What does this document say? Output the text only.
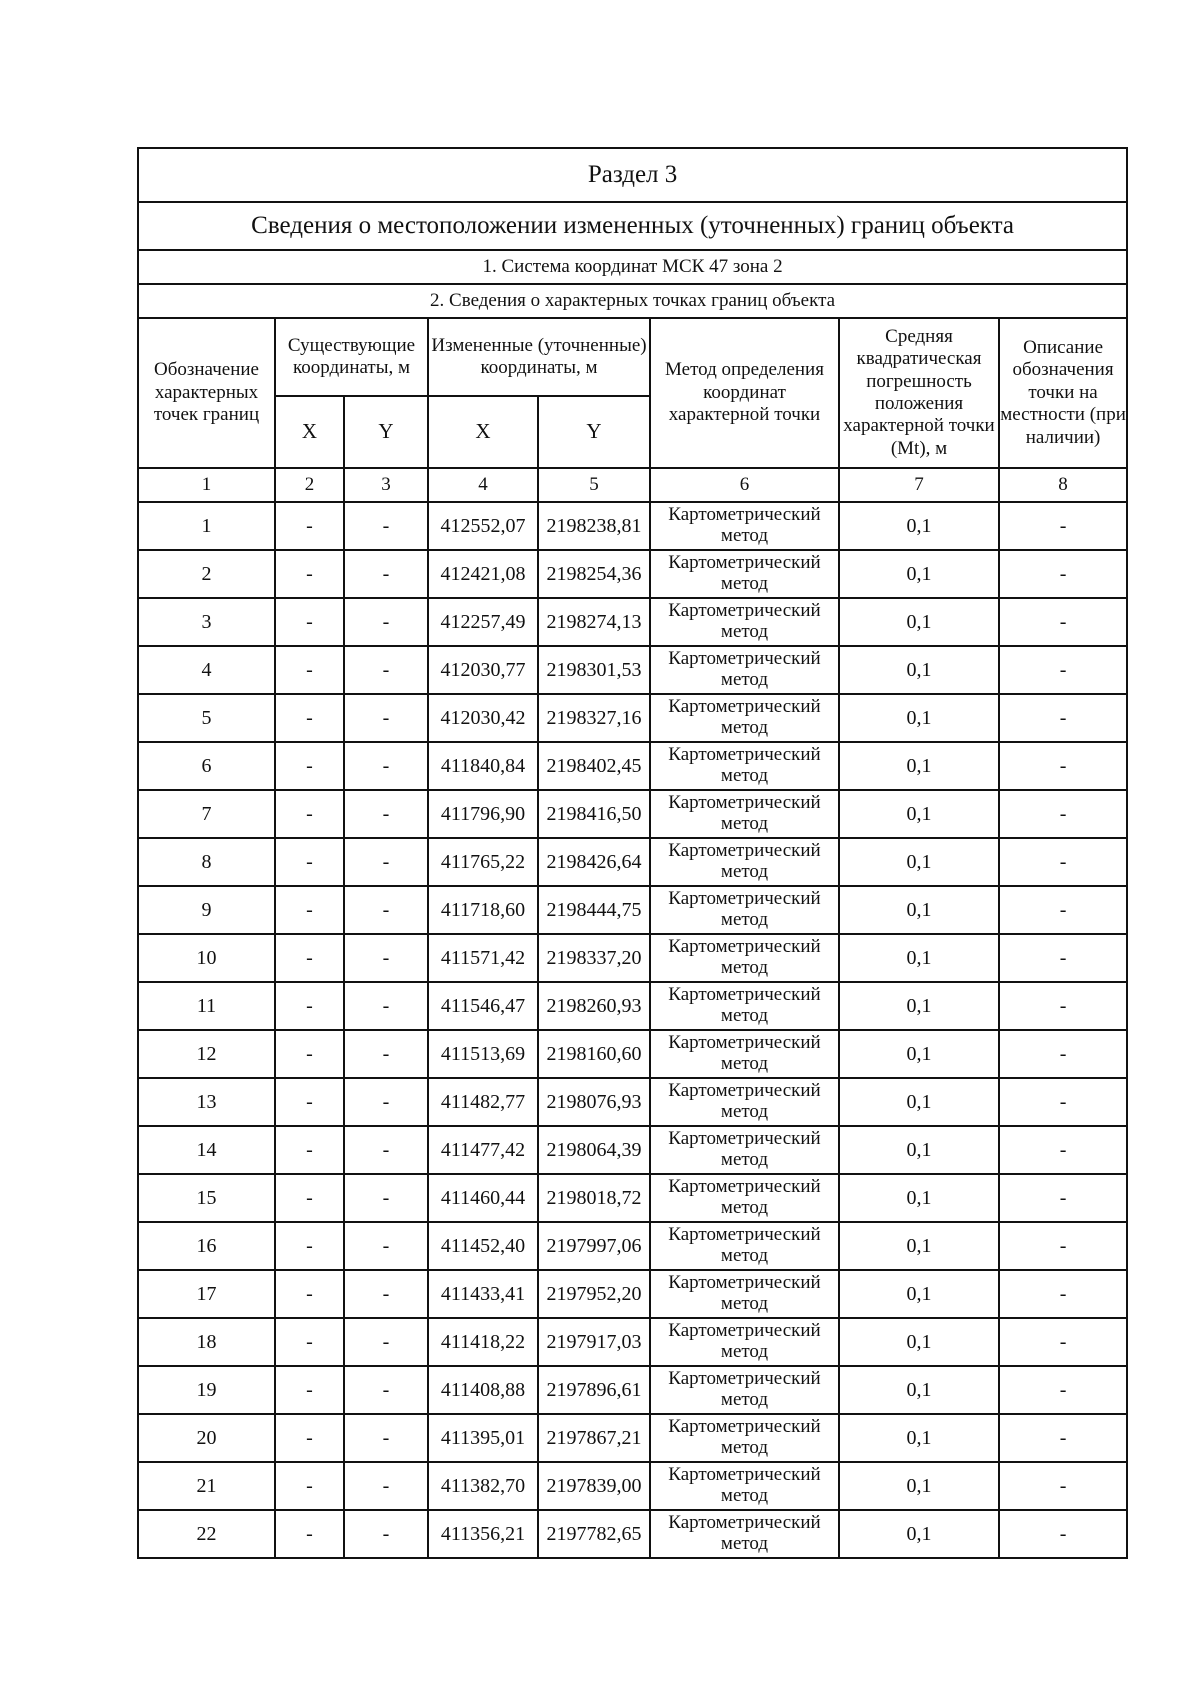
Раздел 3							
Сведения о местоположении измененных (уточненных) границ объекта							
1. Система координат МСК 47 зона 2							
2. Сведения о характерных точках границ объекта							
Обозначение характерных точек границ	Существующие координаты, м		Измененные (уточненные) координаты, м		Метод определения координат характерной точки	Средняя квадратическая погрешность положения характерной точки (Mt), м	Описание обозначения точки на местности (при наличии)
	X	Y	X	Y			
1	2	3	4	5	6	7	8
1	-	-	412552,07	2198238,81	Картометрический метод	0,1	-
2	-	-	412421,08	2198254,36	Картометрический метод	0,1	-
3	-	-	412257,49	2198274,13	Картометрический метод	0,1	-
4	-	-	412030,77	2198301,53	Картометрический метод	0,1	-
5	-	-	412030,42	2198327,16	Картометрический метод	0,1	-
6	-	-	411840,84	2198402,45	Картометрический метод	0,1	-
7	-	-	411796,90	2198416,50	Картометрический метод	0,1	-
8	-	-	411765,22	2198426,64	Картометрический метод	0,1	-
9	-	-	411718,60	2198444,75	Картометрический метод	0,1	-
10	-	-	411571,42	2198337,20	Картометрический метод	0,1	-
11	-	-	411546,47	2198260,93	Картометрический метод	0,1	-
12	-	-	411513,69	2198160,60	Картометрический метод	0,1	-
13	-	-	411482,77	2198076,93	Картометрический метод	0,1	-
14	-	-	411477,42	2198064,39	Картометрический метод	0,1	-
15	-	-	411460,44	2198018,72	Картометрический метод	0,1	-
16	-	-	411452,40	2197997,06	Картометрический метод	0,1	-
17	-	-	411433,41	2197952,20	Картометрический метод	0,1	-
18	-	-	411418,22	2197917,03	Картометрический метод	0,1	-
19	-	-	411408,88	2197896,61	Картометрический метод	0,1	-
20	-	-	411395,01	2197867,21	Картометрический метод	0,1	-
21	-	-	411382,70	2197839,00	Картометрический метод	0,1	-
22	-	-	411356,21	2197782,65	Картометрический метод	0,1	-
